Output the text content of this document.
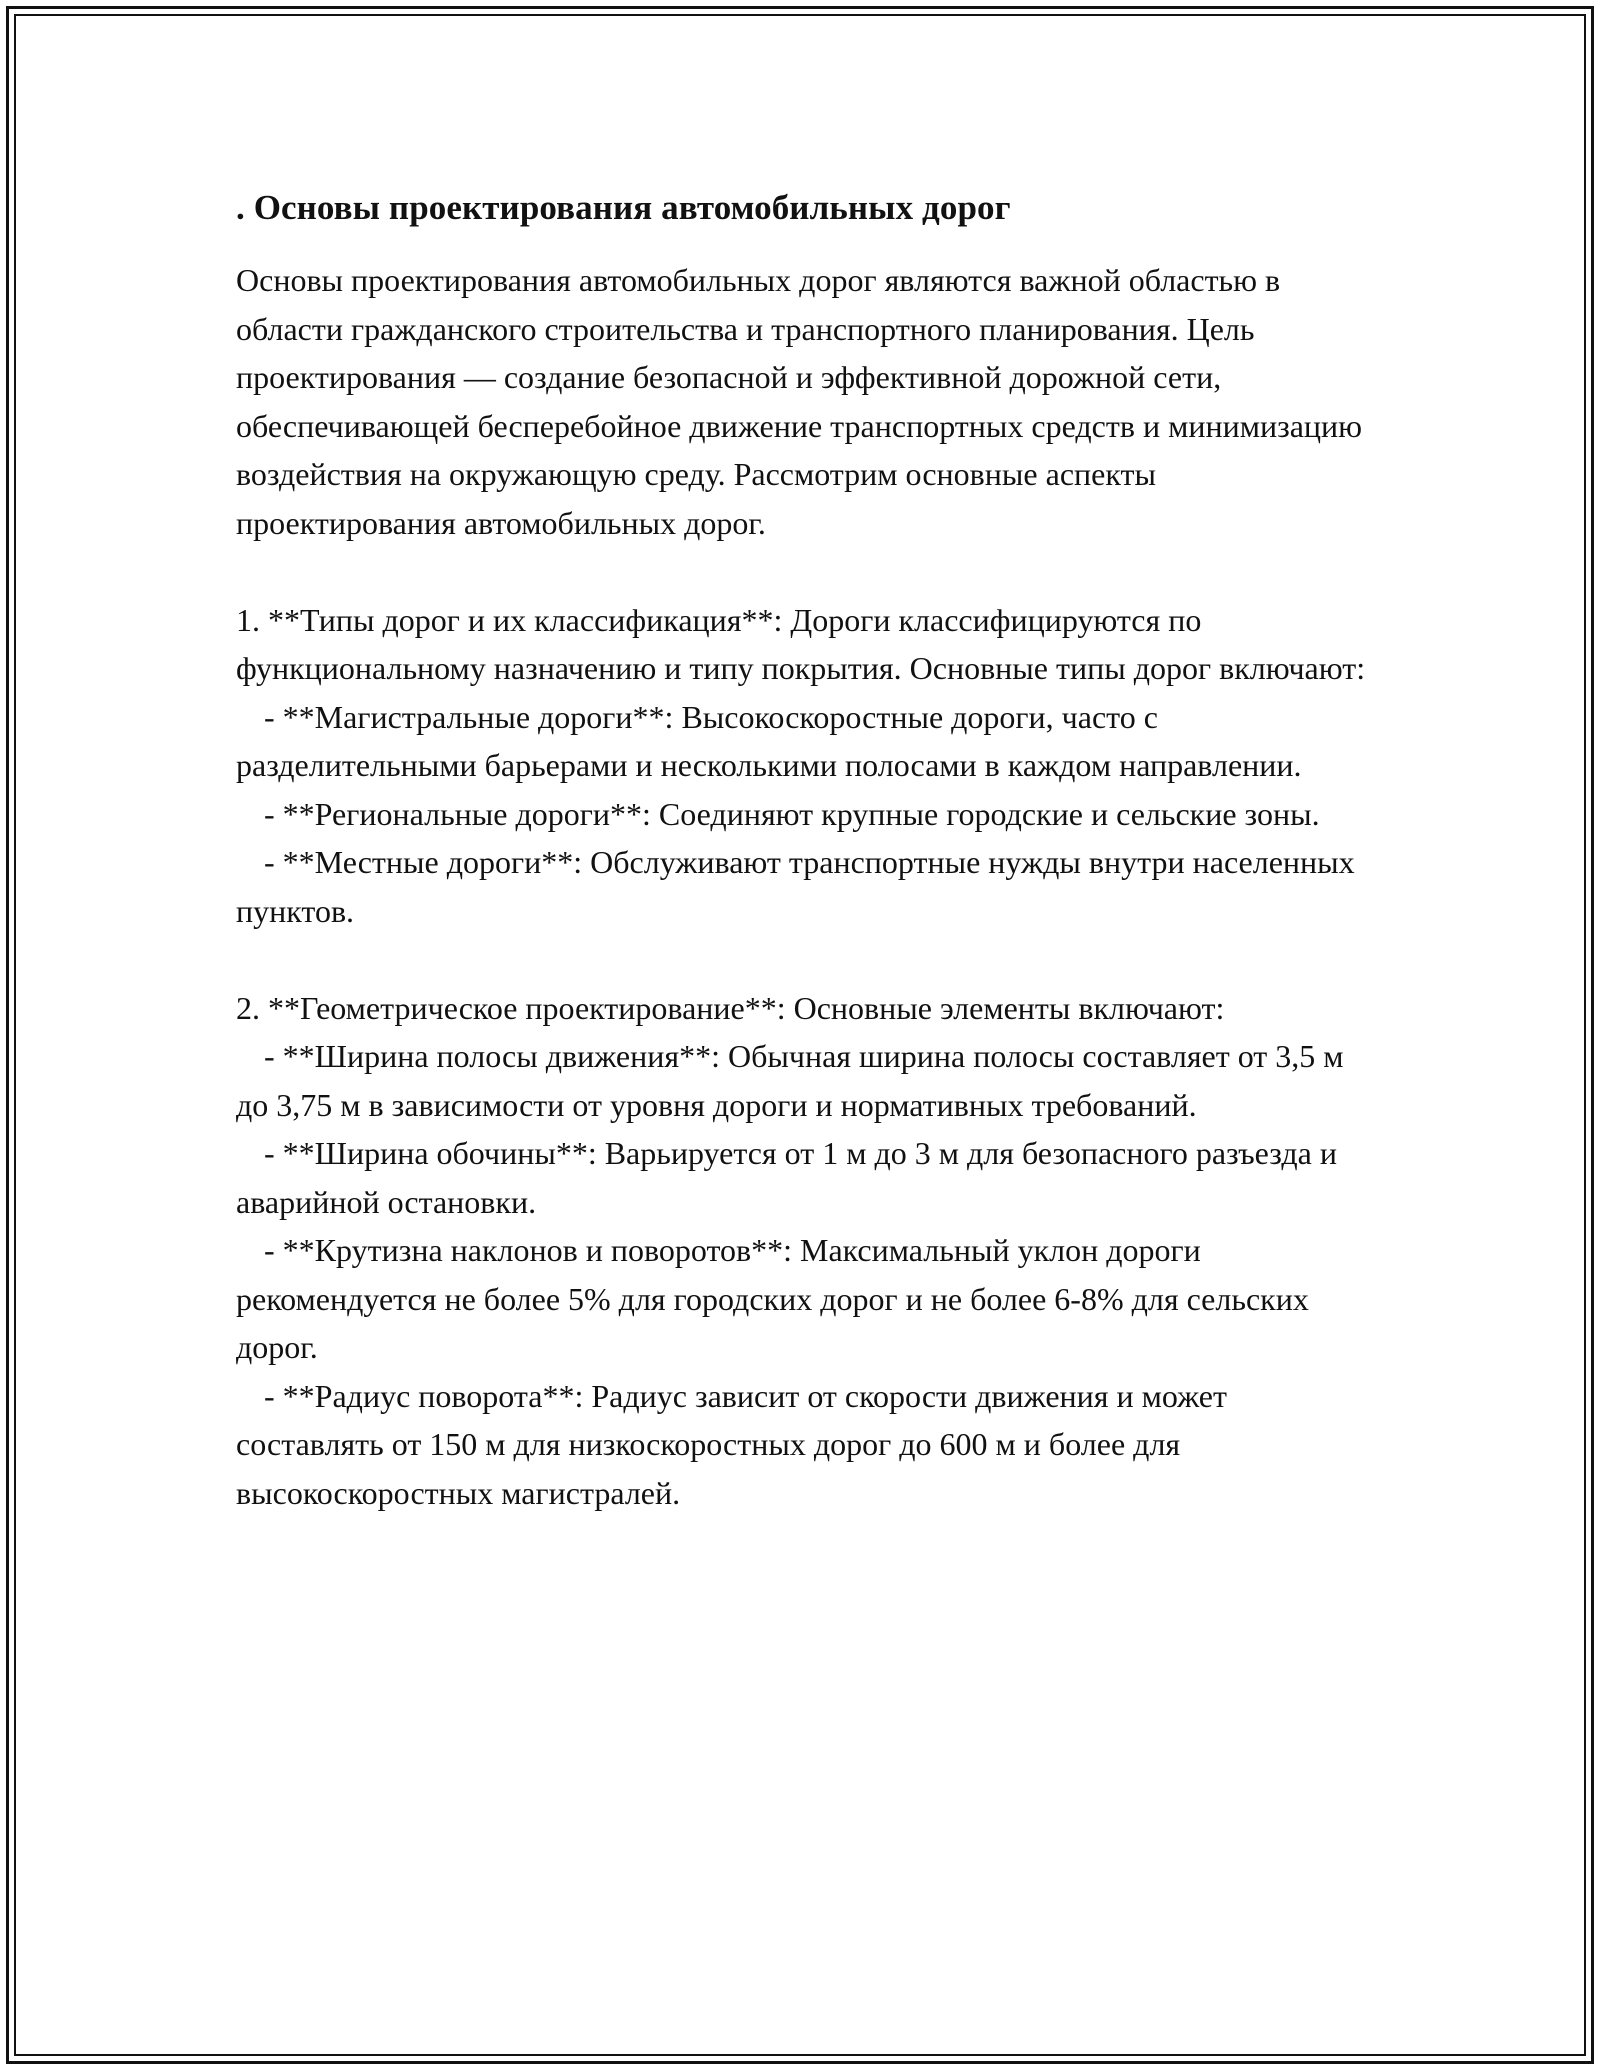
. Основы проектирования автомобильных дорог

Основы проектирования автомобильных дорог являются важной областью в области гражданского строительства и транспортного планирования. Цель проектирования — создание безопасной и эффективной дорожной сети, обеспечивающей бесперебойное движение транспортных средств и минимизацию воздействия на окружающую среду. Рассмотрим основные аспекты проектирования автомобильных дорог.

1. **Типы дорог и их классификация**: Дороги классифицируются по функциональному назначению и типу покрытия. Основные типы дорог включают:

- **Магистральные дороги**: Высокоскоростные дороги, часто с разделительными барьерами и несколькими полосами в каждом направлении.

- **Региональные дороги**: Соединяют крупные городские и сельские зоны.

- **Местные дороги**: Обслуживают транспортные нужды внутри населенных пунктов.

2. **Геометрическое проектирование**: Основные элементы включают:

- **Ширина полосы движения**: Обычная ширина полосы составляет от 3,5 м до 3,75 м в зависимости от уровня дороги и нормативных требований.

- **Ширина обочины**: Варьируется от 1 м до 3 м для безопасного разъезда и аварийной остановки.

- **Крутизна наклонов и поворотов**: Максимальный уклон дороги рекомендуется не более 5% для городских дорог и не более 6-8% для сельских дорог.

- **Радиус поворота**: Радиус зависит от скорости движения и может составлять от 150 м для низкоскоростных дорог до 600 м и более для высокоскоростных магистралей.
